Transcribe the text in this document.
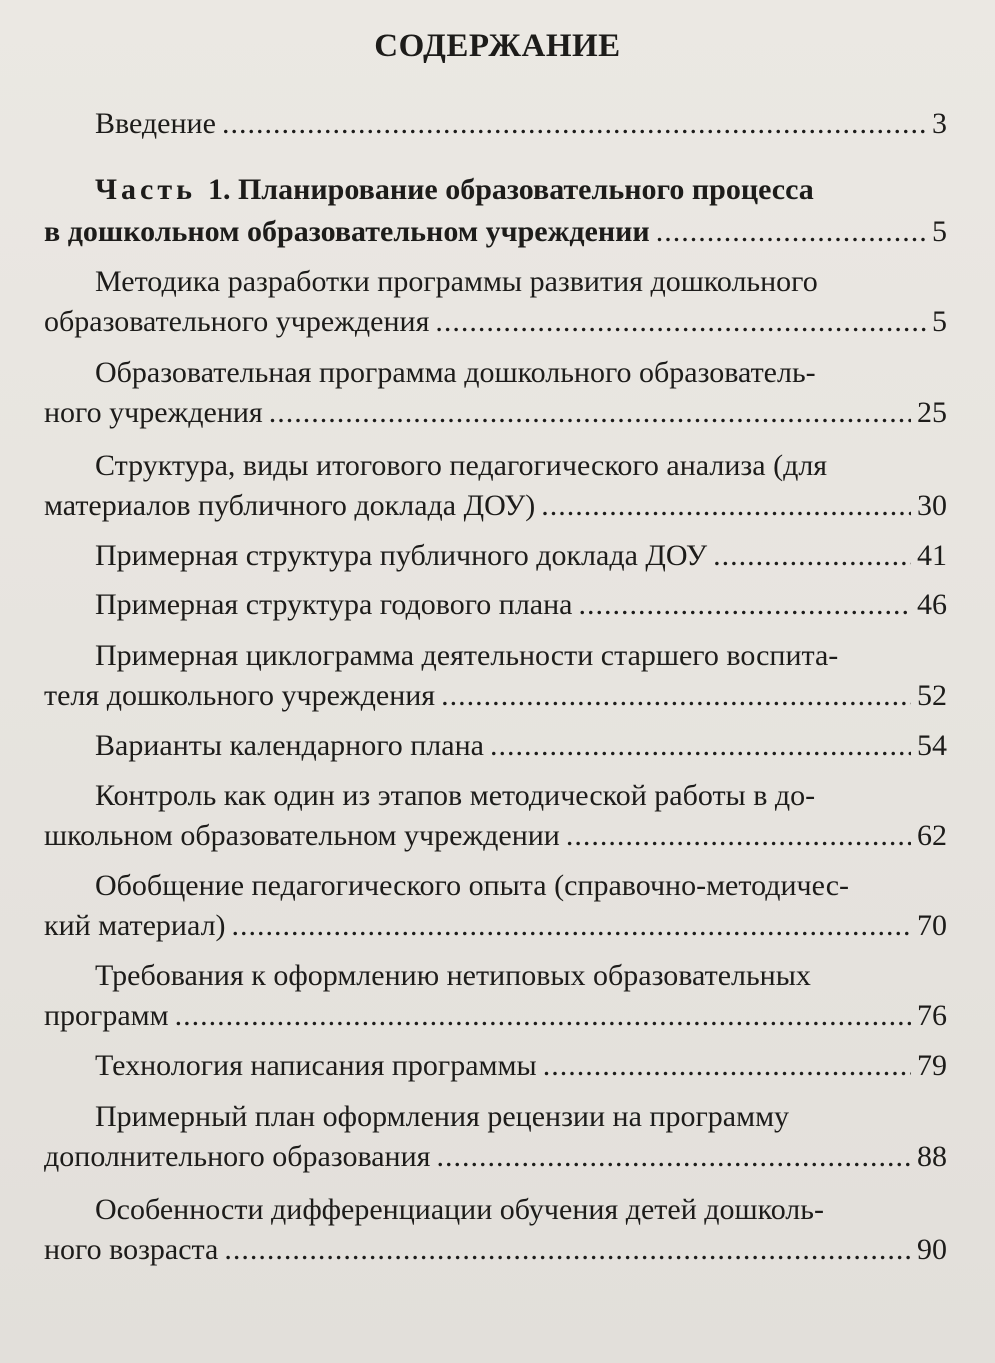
СОДЕРЖАНИЕ
Введение .....	3
Часть 1. Планирование образовательного процесса
в дошкольном образовательном учреждении .....	5
Методика разработки программы развития дошкольного
образовательного учреждения .....	5
Образовательная программа дошкольного образователь-
ного учреждения .....	25
Структура, виды итогового педагогического анализа (для
материалов публичного доклада ДОУ) .....	30
Примерная структура публичного доклада ДОУ .....	41
Примерная структура годового плана .....	46
Примерная циклограмма деятельности старшего воспита-
теля дошкольного учреждения .....	52
Варианты календарного плана .....	54
Контроль как один из этапов методической работы в до-
школьном образовательном учреждении .....	62
Обобщение педагогического опыта (справочно-методичес-
кий материал) .....	70
Требования к оформлению нетиповых образовательных
программ .....	76
Технология написания программы .....	79
Примерный план оформления рецензии на программу
дополнительного образования .....	88
Особенности дифференциации обучения детей дошколь-
ного возраста .....	90
